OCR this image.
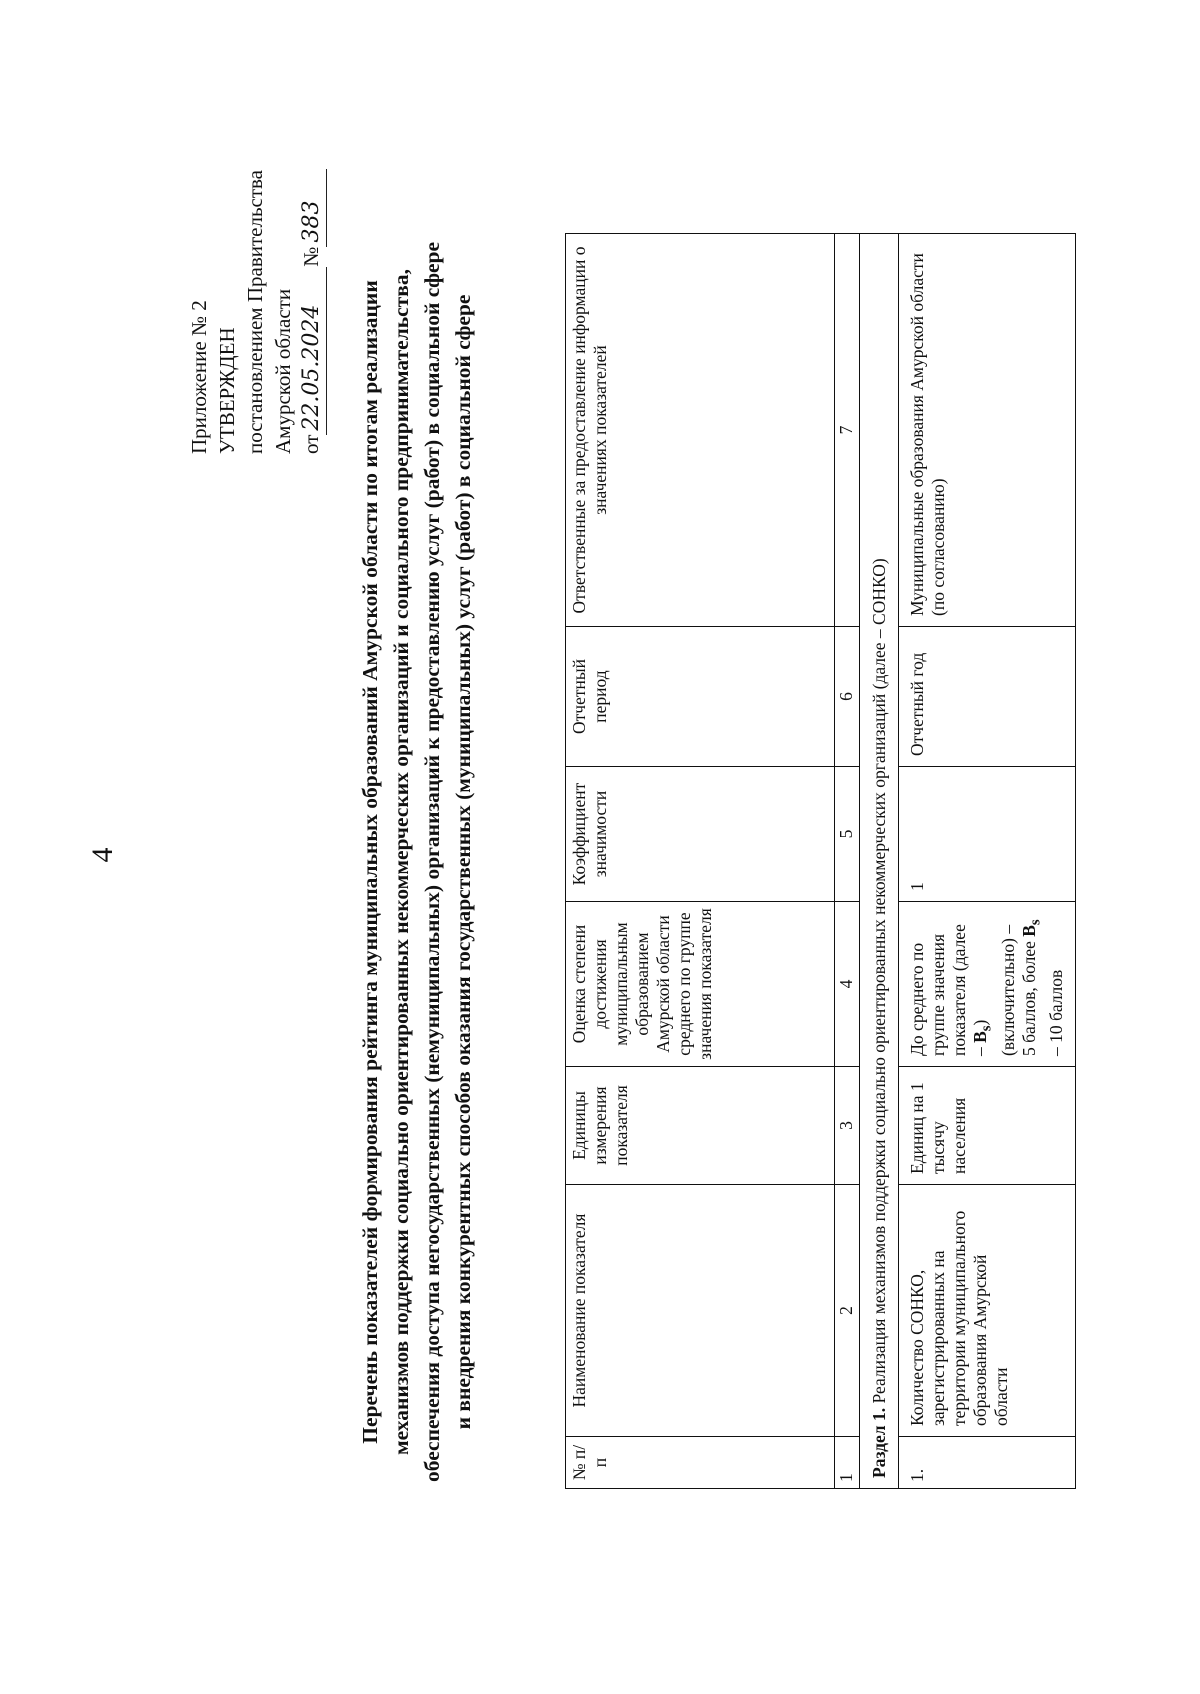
4
Приложение № 2 УТВЕРЖДЕН постановлением Правительства Амурской области от22.05.2024№383
Перечень показателей формирования рейтинга муниципальных образований Амурской области по итогам реализации механизмов поддержки социально ориентированных некоммерческих организаций и социального предпринимательства, обеспечения доступа негосударственных (немуниципальных) организаций к предоставлению услуг (работ) в социальной сфере и внедрения конкурентных способов оказания государственных (муниципальных) услуг (работ) в социальной сфере
№ п/п	Наименование показателя	Единицы измерения показателя	Оценка степени достижения муниципальным образованием Амурской области среднего по группе значения показателя	Коэффициент значимости	Отчетный период	Ответственные за предоставление информации о значениях показателей
1	2	3	4	5	6	7
Раздел 1. Реализация механизмов поддержки социально ориентированных некоммерческих организаций (далее – СОНКО)						
1.	Количество СОНКО, зарегистрированных на территории муниципального образования Амурской области	Единиц на 1 тысячу населения	До среднего по группе значения показателя (далее – $B_s$) (включительно) – 5 баллов, более $B_s - 10$ баллов	1	Отчетный год	Муниципальные образования Амурской области (по согласованию)
